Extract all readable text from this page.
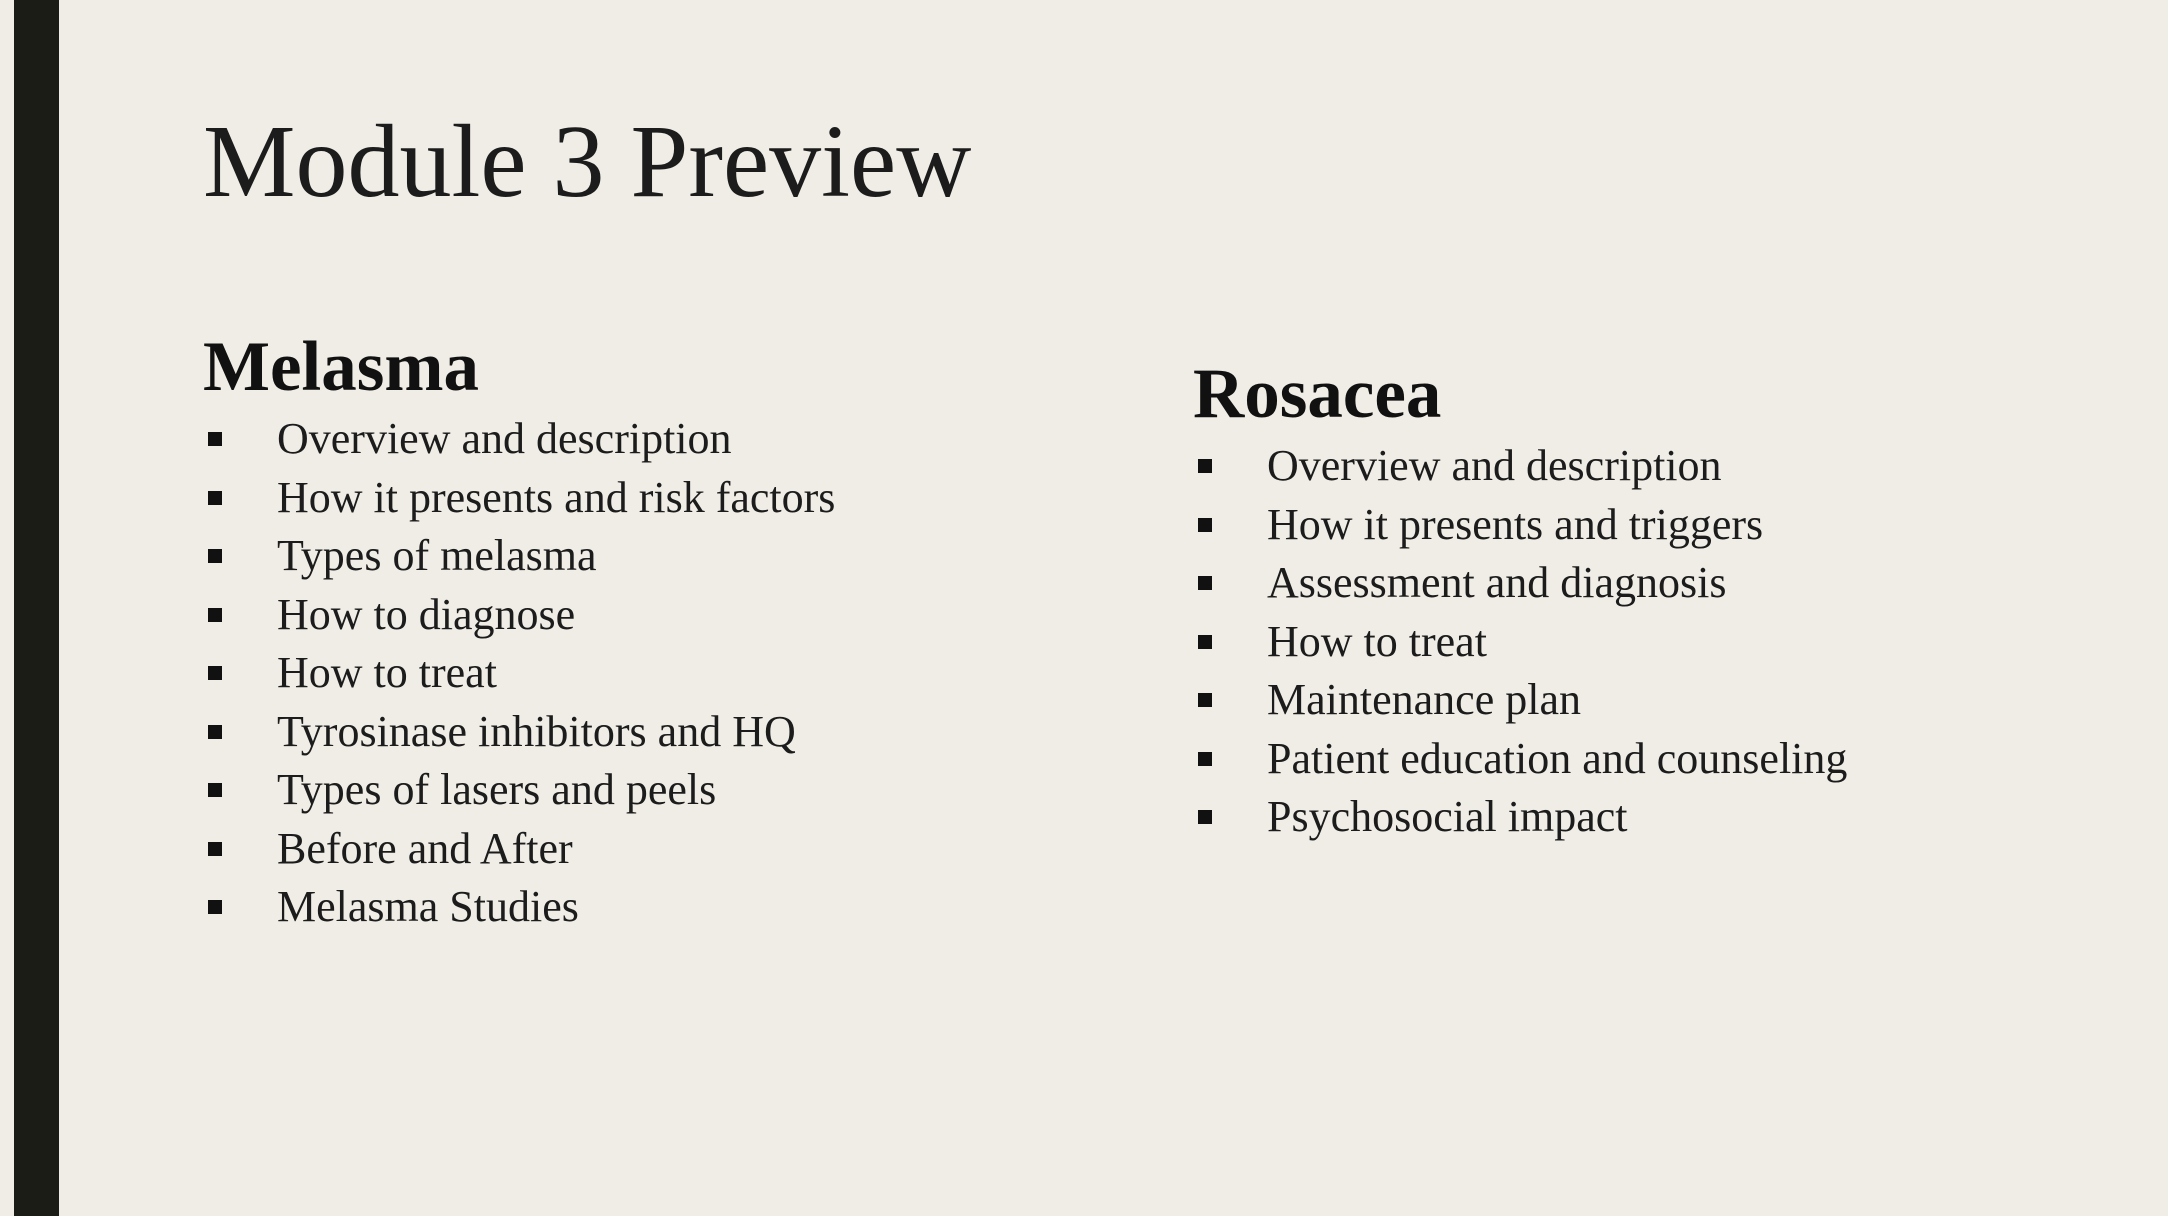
Module 3 Preview
Melasma
Overview and description
How it presents and risk factors
Types of melasma
How to diagnose
How to treat
Tyrosinase inhibitors and HQ
Types of lasers and peels
Before and After
Melasma Studies
Rosacea
Overview and description
How it presents and triggers
Assessment and diagnosis
How to treat
Maintenance plan
Patient education and counseling
Psychosocial impact
